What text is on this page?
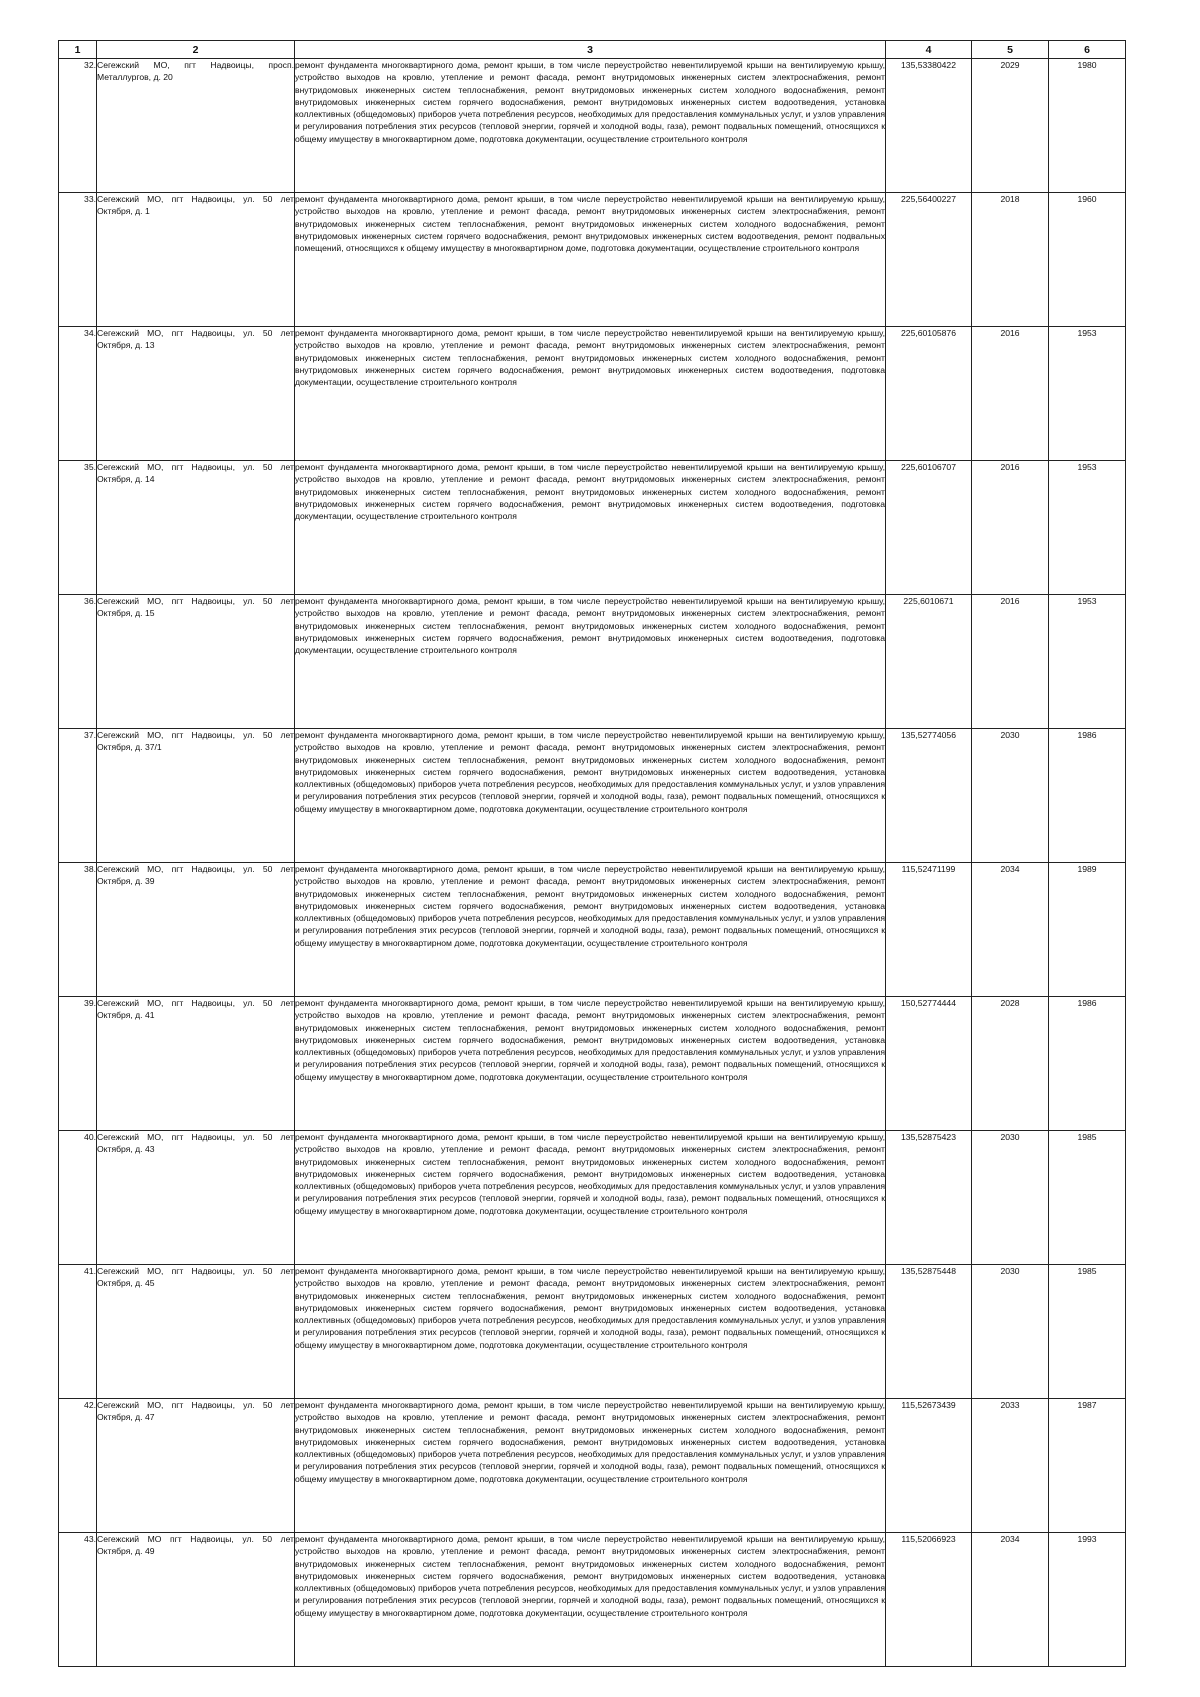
1	2	3	4	5	6
32.	Сегежский МО, пгт Надвоицы, просп. Металлургов, д. 20	ремонт фундамента многоквартирного дома, ремонт крыши, в том числе переустройство невентилируемой крыши на вентилируемую крышу, устройство выходов на кровлю, утепление и ремонт фасада, ремонт внутридомовых инженерных систем электроснабжения, ремонт внутридомовых инженерных систем теплоснабжения, ремонт внутридомовых инженерных систем холодного водоснабжения, ремонт внутридомовых инженерных систем горячего водоснабжения, ремонт внутридомовых инженерных систем водоотведения, установка коллективных (общедомовых) приборов учета потребления ресурсов, необходимых для предоставления коммунальных услуг, и узлов управления и регулирования потребления этих ресурсов (тепловой энергии, горячей и холодной воды, газа), ремонт подвальных помещений, относящихся к общему имуществу в многоквартирном доме, подготовка документации, осуществление строительного контроля	135,53380422	2029	1980
33.	Сегежский МО, пгт Надвоицы, ул. 50 лет Октября, д. 1	ремонт фундамента многоквартирного дома, ремонт крыши, в том числе переустройство невентилируемой крыши на вентилируемую крышу, устройство выходов на кровлю, утепление и ремонт фасада, ремонт внутридомовых инженерных систем электроснабжения, ремонт внутридомовых инженерных систем теплоснабжения, ремонт внутридомовых инженерных систем холодного водоснабжения, ремонт внутридомовых инженерных систем горячего водоснабжения, ремонт внутридомовых инженерных систем водоотведения, ремонт подвальных помещений, относящихся к общему имуществу в многоквартирном доме, подготовка документации, осуществление строительного контроля	225,56400227	2018	1960
34.	Сегежский МО, пгт Надвоицы, ул. 50 лет Октября, д. 13	ремонт фундамента многоквартирного дома, ремонт крыши, в том числе переустройство невентилируемой крыши на вентилируемую крышу, устройство выходов на кровлю, утепление и ремонт фасада, ремонт внутридомовых инженерных систем электроснабжения, ремонт внутридомовых инженерных систем теплоснабжения, ремонт внутридомовых инженерных систем холодного водоснабжения, ремонт внутридомовых инженерных систем горячего водоснабжения, ремонт внутридомовых инженерных систем водоотведения, подготовка документации, осуществление строительного контроля	225,60105876	2016	1953
35.	Сегежский МО, пгт Надвоицы, ул. 50 лет Октября, д. 14	ремонт фундамента многоквартирного дома, ремонт крыши, в том числе переустройство невентилируемой крыши на вентилируемую крышу, устройство выходов на кровлю, утепление и ремонт фасада, ремонт внутридомовых инженерных систем электроснабжения, ремонт внутридомовых инженерных систем теплоснабжения, ремонт внутридомовых инженерных систем холодного водоснабжения, ремонт внутридомовых инженерных систем горячего водоснабжения, ремонт внутридомовых инженерных систем водоотведения, подготовка документации, осуществление строительного контроля	225,60106707	2016	1953
36.	Сегежский МО, пгт Надвоицы, ул. 50 лет Октября, д. 15	ремонт фундамента многоквартирного дома, ремонт крыши, в том числе переустройство невентилируемой крыши на вентилируемую крышу, устройство выходов на кровлю, утепление и ремонт фасада, ремонт внутридомовых инженерных систем электроснабжения, ремонт внутридомовых инженерных систем теплоснабжения, ремонт внутридомовых инженерных систем холодного водоснабжения, ремонт внутридомовых инженерных систем горячего водоснабжения, ремонт внутридомовых инженерных систем водоотведения, подготовка документации, осуществление строительного контроля	225,6010671	2016	1953
37.	Сегежский МО, пгт Надвоицы, ул. 50 лет Октября, д. 37/1	ремонт фундамента многоквартирного дома, ремонт крыши, в том числе переустройство невентилируемой крыши на вентилируемую крышу, устройство выходов на кровлю, утепление и ремонт фасада, ремонт внутридомовых инженерных систем электроснабжения, ремонт внутридомовых инженерных систем теплоснабжения, ремонт внутридомовых инженерных систем холодного водоснабжения, ремонт внутридомовых инженерных систем горячего водоснабжения, ремонт внутридомовых инженерных систем водоотведения, установка коллективных (общедомовых) приборов учета потребления ресурсов, необходимых для предоставления коммунальных услуг, и узлов управления и регулирования потребления этих ресурсов (тепловой энергии, горячей и холодной воды, газа), ремонт подвальных помещений, относящихся к общему имуществу в многоквартирном доме, подготовка документации, осуществление строительного контроля	135,52774056	2030	1986
38.	Сегежский МО, пгт Надвоицы, ул. 50 лет Октября, д. 39	ремонт фундамента многоквартирного дома, ремонт крыши, в том числе переустройство невентилируемой крыши на вентилируемую крышу, устройство выходов на кровлю, утепление и ремонт фасада, ремонт внутридомовых инженерных систем электроснабжения, ремонт внутридомовых инженерных систем теплоснабжения, ремонт внутридомовых инженерных систем холодного водоснабжения, ремонт внутридомовых инженерных систем горячего водоснабжения, ремонт внутридомовых инженерных систем водоотведения, установка коллективных (общедомовых) приборов учета потребления ресурсов, необходимых для предоставления коммунальных услуг, и узлов управления и регулирования потребления этих ресурсов (тепловой энергии, горячей и холодной воды, газа), ремонт подвальных помещений, относящихся к общему имуществу в многоквартирном доме, подготовка документации, осуществление строительного контроля	115,52471199	2034	1989
39.	Сегежский МО, пгт Надвоицы, ул. 50 лет Октября, д. 41	ремонт фундамента многоквартирного дома, ремонт крыши, в том числе переустройство невентилируемой крыши на вентилируемую крышу, устройство выходов на кровлю, утепление и ремонт фасада, ремонт внутридомовых инженерных систем электроснабжения, ремонт внутридомовых инженерных систем теплоснабжения, ремонт внутридомовых инженерных систем холодного водоснабжения, ремонт внутридомовых инженерных систем горячего водоснабжения, ремонт внутридомовых инженерных систем водоотведения, установка коллективных (общедомовых) приборов учета потребления ресурсов, необходимых для предоставления коммунальных услуг, и узлов управления и регулирования потребления этих ресурсов (тепловой энергии, горячей и холодной воды, газа), ремонт подвальных помещений, относящихся к общему имуществу в многоквартирном доме, подготовка документации, осуществление строительного контроля	150,52774444	2028	1986
40.	Сегежский МО, пгт Надвоицы, ул. 50 лет Октября, д. 43	ремонт фундамента многоквартирного дома, ремонт крыши, в том числе переустройство невентилируемой крыши на вентилируемую крышу, устройство выходов на кровлю, утепление и ремонт фасада, ремонт внутридомовых инженерных систем электроснабжения, ремонт внутридомовых инженерных систем теплоснабжения, ремонт внутридомовых инженерных систем холодного водоснабжения, ремонт внутридомовых инженерных систем горячего водоснабжения, ремонт внутридомовых инженерных систем водоотведения, установка коллективных (общедомовых) приборов учета потребления ресурсов, необходимых для предоставления коммунальных услуг, и узлов управления и регулирования потребления этих ресурсов (тепловой энергии, горячей и холодной воды, газа), ремонт подвальных помещений, относящихся к общему имуществу в многоквартирном доме, подготовка документации, осуществление строительного контроля	135,52875423	2030	1985
41.	Сегежский МО, пгт Надвоицы, ул. 50 лет Октября, д. 45	ремонт фундамента многоквартирного дома, ремонт крыши, в том числе переустройство невентилируемой крыши на вентилируемую крышу, устройство выходов на кровлю, утепление и ремонт фасада, ремонт внутридомовых инженерных систем электроснабжения, ремонт внутридомовых инженерных систем теплоснабжения, ремонт внутридомовых инженерных систем холодного водоснабжения, ремонт внутридомовых инженерных систем горячего водоснабжения, ремонт внутридомовых инженерных систем водоотведения, установка коллективных (общедомовых) приборов учета потребления ресурсов, необходимых для предоставления коммунальных услуг, и узлов управления и регулирования потребления этих ресурсов (тепловой энергии, горячей и холодной воды, газа), ремонт подвальных помещений, относящихся к общему имуществу в многоквартирном доме, подготовка документации, осуществление строительного контроля	135,52875448	2030	1985
42.	Сегежский МО, пгт Надвоицы, ул. 50 лет Октября, д. 47	ремонт фундамента многоквартирного дома, ремонт крыши, в том числе переустройство невентилируемой крыши на вентилируемую крышу, устройство выходов на кровлю, утепление и ремонт фасада, ремонт внутридомовых инженерных систем электроснабжения, ремонт внутридомовых инженерных систем теплоснабжения, ремонт внутридомовых инженерных систем холодного водоснабжения, ремонт внутридомовых инженерных систем горячего водоснабжения, ремонт внутридомовых инженерных систем водоотведения, установка коллективных (общедомовых) приборов учета потребления ресурсов, необходимых для предоставления коммунальных услуг, и узлов управления и регулирования потребления этих ресурсов (тепловой энергии, горячей и холодной воды, газа), ремонт подвальных помещений, относящихся к общему имуществу в многоквартирном доме, подготовка документации, осуществление строительного контроля	115,52673439	2033	1987
43.	Сегежский МО пгт Надвоицы, ул. 50 лет Октября, д. 49	ремонт фундамента многоквартирного дома, ремонт крыши, в том числе переустройство невентилируемой крыши на вентилируемую крышу, устройство выходов на кровлю, утепление и ремонт фасада, ремонт внутридомовых инженерных систем электроснабжения, ремонт внутридомовых инженерных систем теплоснабжения, ремонт внутридомовых инженерных систем холодного водоснабжения, ремонт внутридомовых инженерных систем горячего водоснабжения, ремонт внутридомовых инженерных систем водоотведения, установка коллективных (общедомовых) приборов учета потребления ресурсов, необходимых для предоставления коммунальных услуг, и узлов управления и регулирования потребления этих ресурсов (тепловой энергии, горячей и холодной воды, газа), ремонт подвальных помещений, относящихся к общему имуществу в многоквартирном доме, подготовка документации, осуществление строительного контроля	115,52066923	2034	1993
